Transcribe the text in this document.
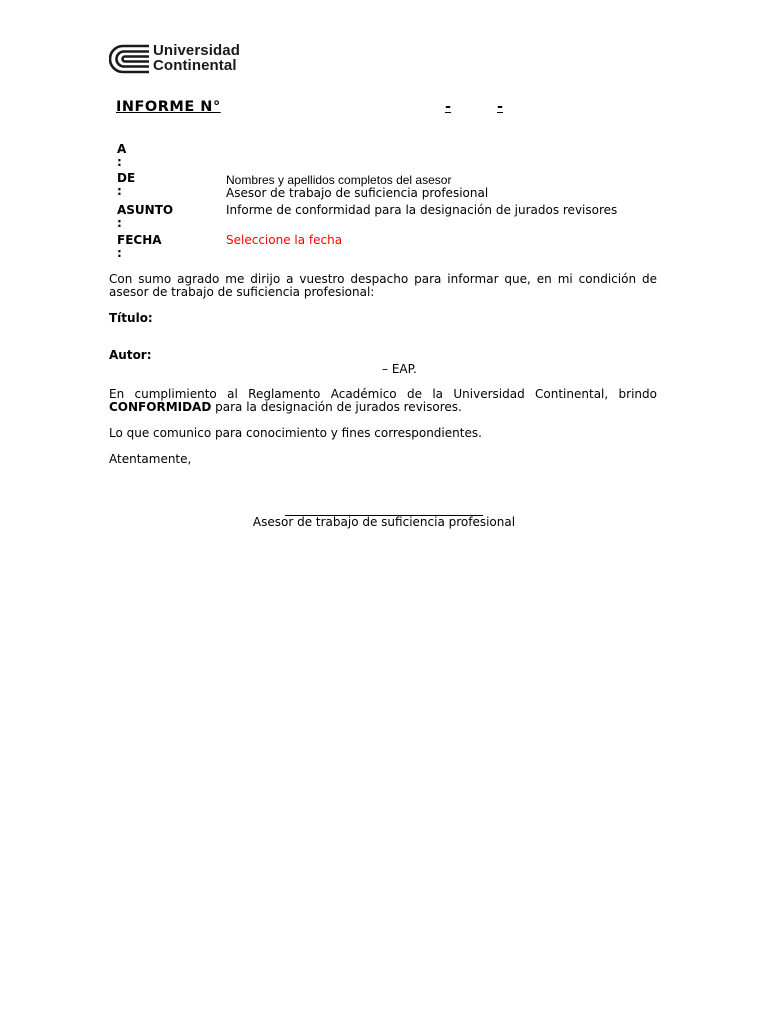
Universidad
Continental
INFORME N°	-	-
A
:
DE
:
Nombres y apellidos completos del asesor
Asesor de trabajo de suficiencia profesional
ASUNTO
:
Informe de conformidad para la designación de jurados revisores
FECHA
:
Seleccione la fecha
Con sumo agrado me dirijo a vuestro despacho para informar que, en mi condición de asesor de trabajo de suficiencia profesional:
Título:
Autor:
– EAP.
En cumplimiento al Reglamento Académico de la Universidad Continental, brindo
CONFORMIDAD para la designación de jurados revisores.
Lo que comunico para conocimiento y fines correspondientes.
Atentamente,
Asesor de trabajo de suficiencia profesional
